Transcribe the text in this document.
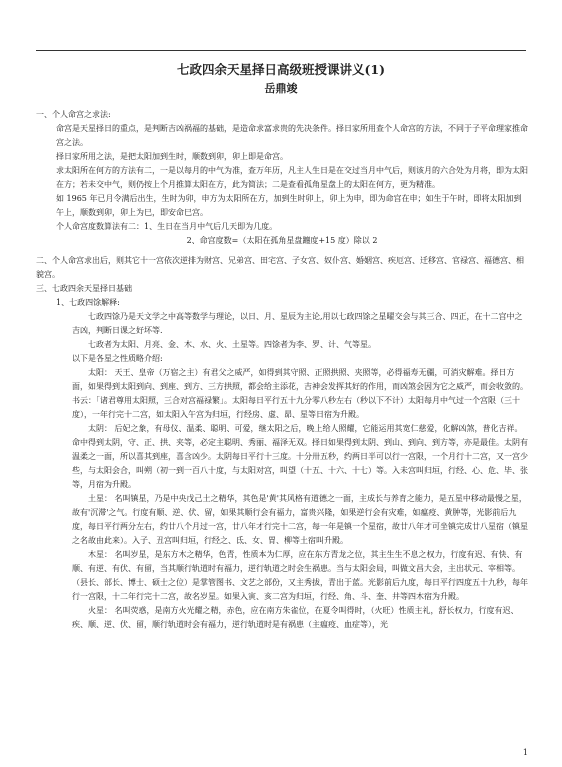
七政四余天星择日高级班授课讲义(1)
岳鼎竣

一、个人命宫之求法:

命宫是天星择日的重点，是判断吉凶祸福的基础，是造命求富求贵的先决条件。择日家所用查个人命宫的方法，不同于子平命理家推命宫之法。

择日家所用之法，是把太阳加到生时，顺数到卯，卯上即是命宫。

求太阳所在何方的方法有二，一是以每月的中气为准，查万年历，凡主人生日是在交过当月中气后，则该月的六合处为月将，即为太阳在方；若未交中气，则仍按上个月推算太阳在方，此为简法；二是查看孤角星盘上的太阳在何方，更为精准。

如 1965 年已月令满后出生，生时为卯，申方为太阳所在方，加到生时卯上，卯上为申，即为命宫在申；如生于午时，即将太阳加到午上，顺数到卯，卯上为巳，即安命巳宫。

个人命宫度数算法有二：1、生日在当月中气后几天即为几度。

2、命宫度数=（太阳在孤角星盘躔度+15 度）除以 2

二、个人命宫求出后，则其它十一宫依次逆排为财宫、兄弟宫、田宅宫、子女宫、奴仆宫、婚姻宫、疾厄宫、迁移宫、官禄宫、福德宫、相貌宫。

三、七政四余天星择日基础

1、七政四馀解释:

七政四馀乃是天文学之中高等数学与理论，以日、月、星辰为主论,用以七政四馀之星曜交会与其三合、四正，在十二宫中之吉凶，判断日课之好坏等.

七政者为太阳、月亮、金、木、水、火、土星等。四馀者为李、罗、计、气等星。

以下是各星之性质略介绍:

太阳： 天王、皇帝（万宿之主）有君父之威严，如得到其守照、正照拱照、夹照等，必得福寿无疆，可消灾解难。择日方面，如果得到太阳到向、到座、到方、三方拱照，都会给主添花，吉神会发挥其好的作用，而凶煞会因为它之威严，而会收敛的。书云：「诸君尊用太阳照，三合对宫福禄繁」。太阳每日平行五十九分零八秒左右（秒以下不计）太阳每月中气过一个宫限（三十度），一年行完十二宫，如太阳入午宫为归垣，行经房、虚、昴、星等日宿为升殿。

太阴： 后妃之象，有母仪、温柔、聪明、可爱，继太阳之后，晚上给人照耀，它能运用其宽仁慈爱，化解凶煞，普化吉祥。命中得到太阴，守、正、拱、夹等，必定主聪明、秀丽、福泽无双。择日如果得到太阴、到山、到向、到方等，亦是最佳。太阴有温柔之一面，所以喜其到座，喜含凶少。太阴每日平行十三度。十分卅五秒，约两日半可以行一宫限，一个月行十二宫，又一宫少些，与太阳会合，叫朔（初一到一百八十度，与太阳对宫，叫望（十五、十六、十七）等。入未宫叫归垣，行经、心、危、毕、张等，月宿为升殿。

土星： 名叫镇星，乃是中央戊己土之精华，其色是'黄'其风格有道德之一面，主成长与养育之能力，是五星中移动最慢之星，故有'沉滞'之气。行度有顺、逆、伏、留，如果其顺行会有福力，富贵兴隆，如果逆行会有灾难，如瘟疫、黄肿等，光影前后九度，每日平行两分左右，约廿八个月过一宫，廿八年才行完十二宫，每一年是镇一个星宿，故廿八年才可坐镇完成廿八星宿（镇星之名故由此来）。入子、丑宫叫归垣，行经之、氐、女、胃、柳等土宿叫升殿。

木星： 名叫岁星，是东方木之精华，色青，性质本为仁厚，应在东方青龙之位，其主生生不息之权力，行度有迟、有快、有顺、有逆、有伏、有留，当其顺行轨道时有福力，逆行轨道之时会生祸患。当与太阳会局，叫做文昌大会，主出状元、宰相等。（县长、部长、博士、硕士之位）是掌管图书、文艺之部份，又主秀拔，青出于蓝。光影前后九度，每日平行四度五十九秒，每年行一宫限，十二年行完十二宫，故名岁星。如果入寅、亥二宫为归垣，行经、角、斗、奎、井等四木宿为升殿。

火星： 名叫荧惑，是南方火光耀之精，赤色，应在南方朱雀位，在夏令叫得时，（火旺）性质主礼，舒长权力，行度有迟、疾、顺、逆、伏、留，顺行轨道时会有福力，逆行轨道时是有祸患（主瘟疫、血症等），光

1
